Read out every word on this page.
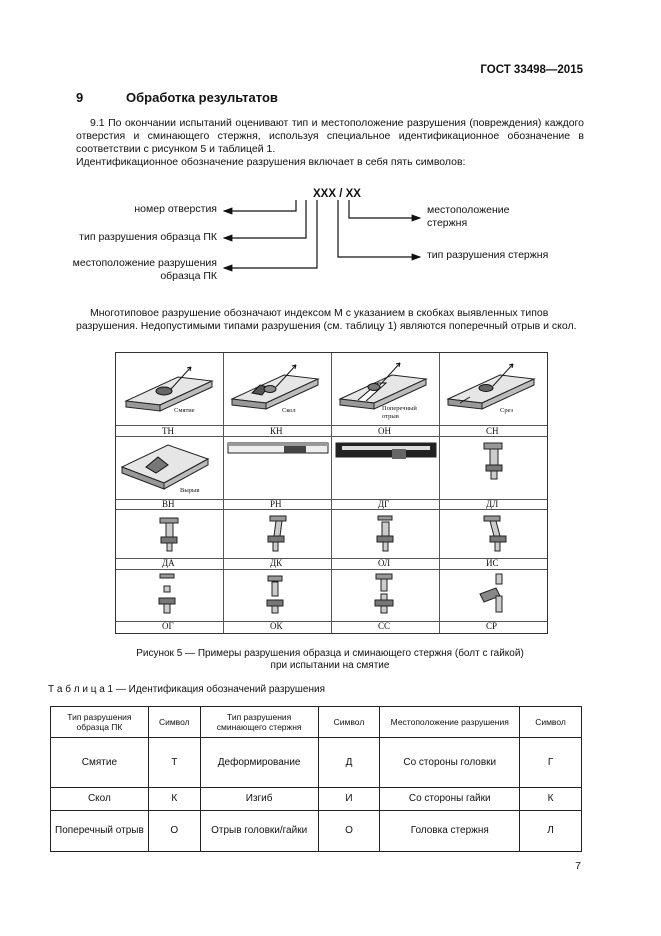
ГОСТ 33498—2015
9	Обработка результатов
9.1 По окончании испытаний оценивают тип и местоположение разрушения (повреждения) каждого отверстия и сминающего стержня, используя специальное идентификационное обозначение в соответствии с рисунком 5 и таблицей 1.
Идентификационное обозначение разрушения включает в себя пять символов:
XXX / XX
номер отверстия
тип разрушения образца ПК
местоположение разрушения
образца ПК
местоположение
стержня
тип разрушения стержня
Многотиповое разрушение обозначают индексом М с указанием в скобках выявленных типов разрушения. Недопустимыми типами разрушения (см. таблицу 1) являются поперечный отрыв и скол.
Смятие	Скол	Поперечный
отрыв
Срез
ТН	КН	ОН	СН
Вырыв
ВН	РН	ДГ	ДЛ
ДА	ДК	ОЛ	ИС
ОГ	ОК	СС	СР
Рисунок 5 — Примеры разрушения образца и сминающего стержня (болт с гайкой)
при испытании на смятие
Т а б л и ц а 1 — Идентификация обозначений разрушения
Тип разрушения образца ПК	Символ	Тип разрушения сминающего стержня	Символ	Местоположение разрушения	Символ
Смятие	Т	Деформирование	Д	Со стороны головки	Г
Скол	К	Изгиб	И	Со стороны гайки	К
Поперечный отрыв	О	Отрыв головки/гайки	О	Головка стержня	Л
7
